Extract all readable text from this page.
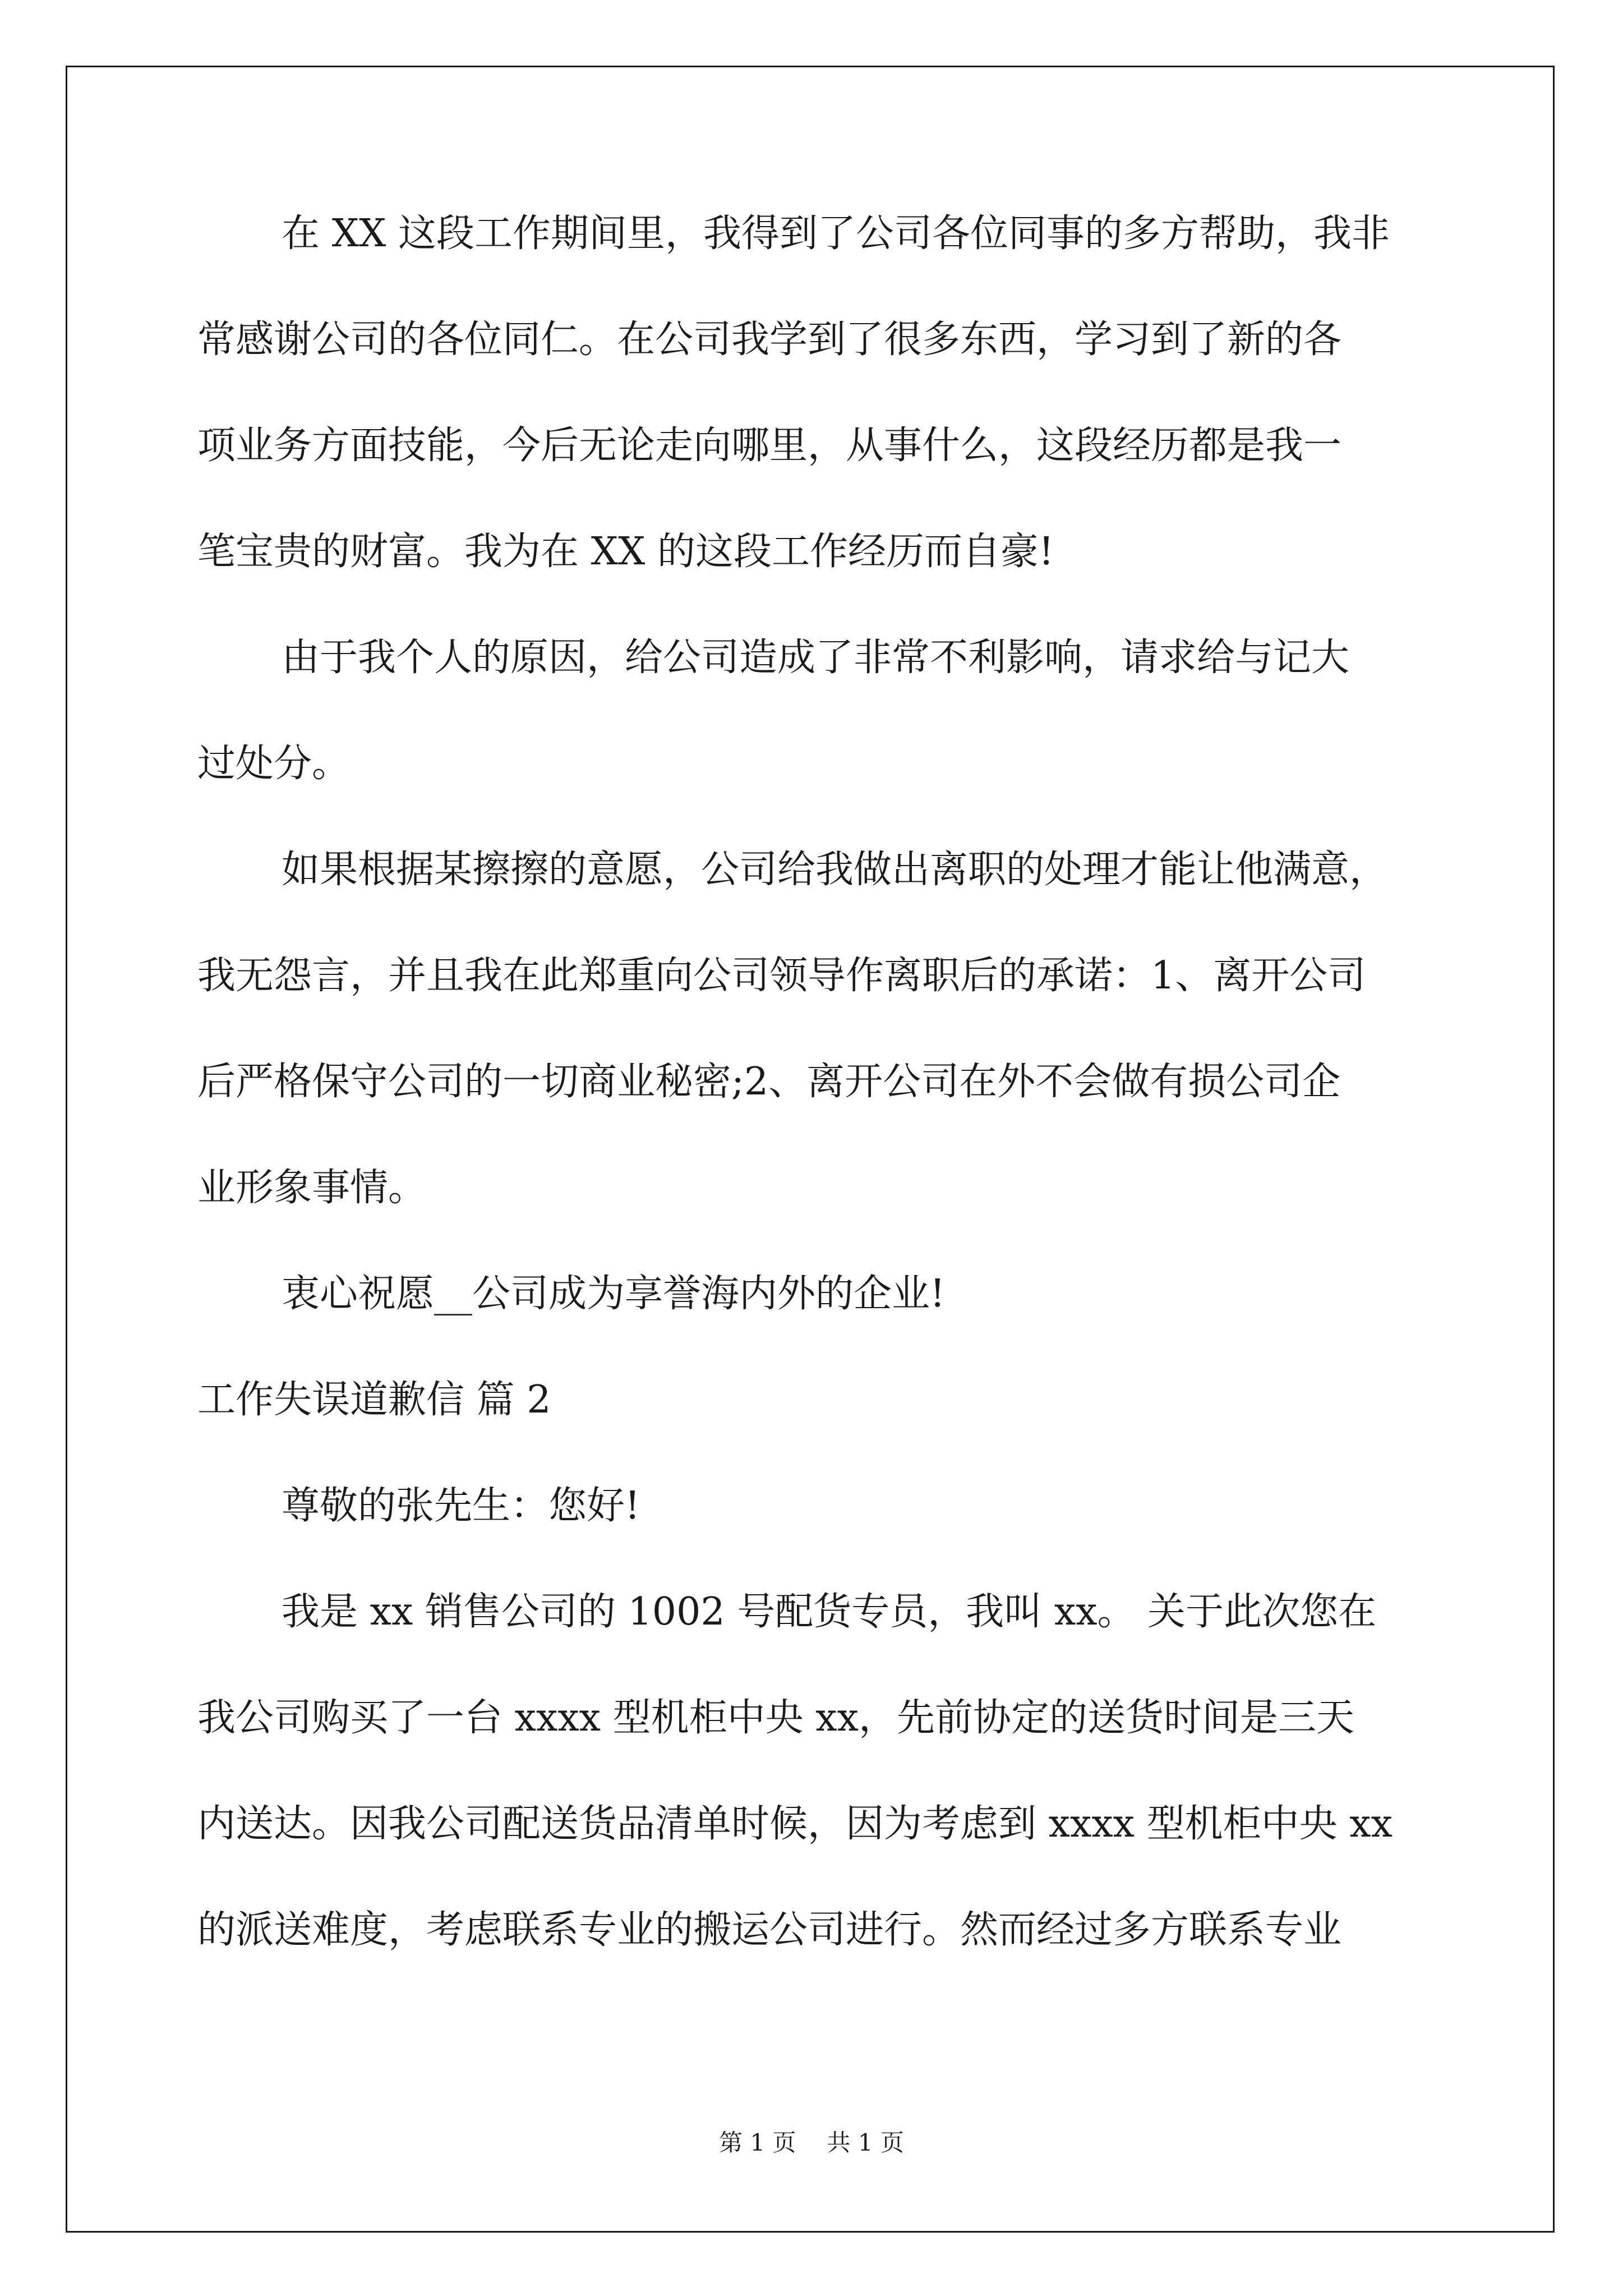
在 XX 这段工作期间里，我得到了公司各位同事的多方帮助，我非
常感谢公司的各位同仁。在公司我学到了很多东西，学习到了新的各
项业务方面技能，今后无论走向哪里，从事什么，这段经历都是我一
笔宝贵的财富。我为在 XX 的这段工作经历而自豪!
由于我个人的原因，给公司造成了非常不利影响，请求给与记大
过处分。
如果根据某擦擦的意愿，公司给我做出离职的处理才能让他满意，
我无怨言，并且我在此郑重向公司领导作离职后的承诺：1、离开公司
后严格保守公司的一切商业秘密;2、离开公司在外不会做有损公司企
业形象事情。
衷心祝愿__公司成为享誉海内外的企业!
工作失误道歉信 篇 2
尊敬的张先生：您好!
我是 xx 销售公司的 1002 号配货专员，我叫 xx。 关于此次您在
我公司购买了一台 xxxx 型机柜中央 xx，先前协定的送货时间是三天
内送达。因我公司配送货品清单时候，因为考虑到 xxxx 型机柜中央 xx
的派送难度，考虑联系专业的搬运公司进行。然而经过多方联系专业
第 1 页 共 1 页
